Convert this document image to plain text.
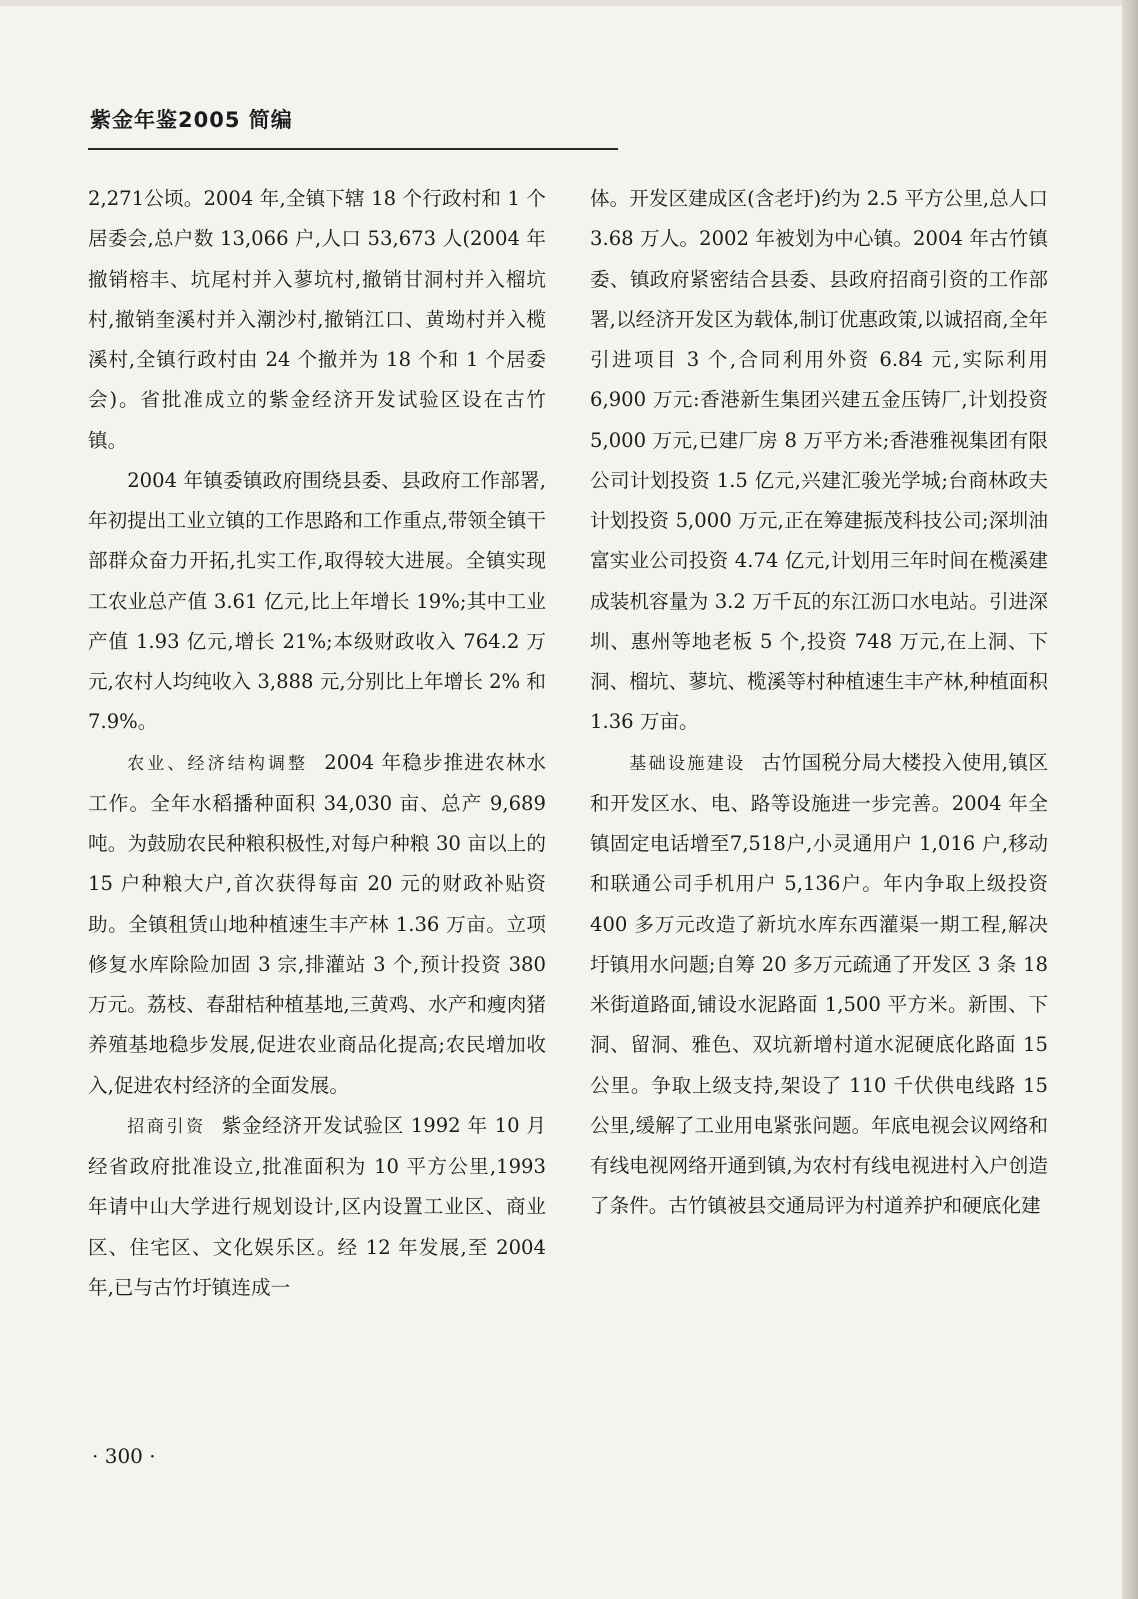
紫金年鉴2005 简编

2,271公顷。2004 年,全镇下辖 18 个行政村和 1 个居委会,总户数 13,066 户,人口 53,673 人(2004 年撤销榕丰、坑尾村并入蓼坑村,撤销甘洞村并入榴坑村,撤销奎溪村并入潮沙村,撤销江口、黄坳村并入榄溪村,全镇行政村由 24 个撤并为 18 个和 1 个居委会)。省批准成立的紫金经济开发试验区设在古竹镇。

2004 年镇委镇政府围绕县委、县政府工作部署,年初提出工业立镇的工作思路和工作重点,带领全镇干部群众奋力开拓,扎实工作,取得较大进展。全镇实现工农业总产值 3.61 亿元,比上年增长 19%;其中工业产值 1.93 亿元,增长 21%;本级财政收入 764.2 万元,农村人均纯收入 3,888 元,分别比上年增长 2% 和 7.9%。

农业、经济结构调整 2004 年稳步推进农林水工作。全年水稻播种面积 34,030 亩、总产 9,689 吨。为鼓励农民种粮积极性,对每户种粮 30 亩以上的 15 户种粮大户,首次获得每亩 20 元的财政补贴资助。全镇租赁山地种植速生丰产林 1.36 万亩。立项修复水库除险加固 3 宗,排灌站 3 个,预计投资 380 万元。荔枝、春甜桔种植基地,三黄鸡、水产和瘦肉猪养殖基地稳步发展,促进农业商品化提高;农民增加收入,促进农村经济的全面发展。

招商引资 紫金经济开发试验区 1992 年 10 月经省政府批准设立,批准面积为 10 平方公里,1993 年请中山大学进行规划设计,区内设置工业区、商业区、住宅区、文化娱乐区。经 12 年发展,至 2004 年,已与古竹圩镇连成一

体。开发区建成区(含老圩)约为 2.5 平方公里,总人口 3.68 万人。2002 年被划为中心镇。2004 年古竹镇委、镇政府紧密结合县委、县政府招商引资的工作部署,以经济开发区为载体,制订优惠政策,以诚招商,全年引进项目 3 个,合同利用外资 6.84 元,实际利用 6,900 万元:香港新生集团兴建五金压铸厂,计划投资 5,000 万元,已建厂房 8 万平方米;香港雅视集团有限公司计划投资 1.5 亿元,兴建汇骏光学城;台商林政夫计划投资 5,000 万元,正在筹建振茂科技公司;深圳油富实业公司投资 4.74 亿元,计划用三年时间在榄溪建成装机容量为 3.2 万千瓦的东江沥口水电站。引进深圳、惠州等地老板 5 个,投资 748 万元,在上洞、下洞、榴坑、蓼坑、榄溪等村种植速生丰产林,种植面积 1.36 万亩。

基础设施建设 古竹国税分局大楼投入使用,镇区和开发区水、电、路等设施进一步完善。2004 年全镇固定电话增至7,518户,小灵通用户 1,016 户,移动和联通公司手机用户 5,136户。年内争取上级投资 400 多万元改造了新坑水库东西灌渠一期工程,解决圩镇用水问题;自筹 20 多万元疏通了开发区 3 条 18 米街道路面,铺设水泥路面 1,500 平方米。新围、下洞、留洞、雅色、双坑新增村道水泥硬底化路面 15 公里。争取上级支持,架设了 110 千伏供电线路 15 公里,缓解了工业用电紧张问题。年底电视会议网络和有线电视网络开通到镇,为农村有线电视进村入户创造了条件。古竹镇被县交通局评为村道养护和硬底化建

· 300 ·
